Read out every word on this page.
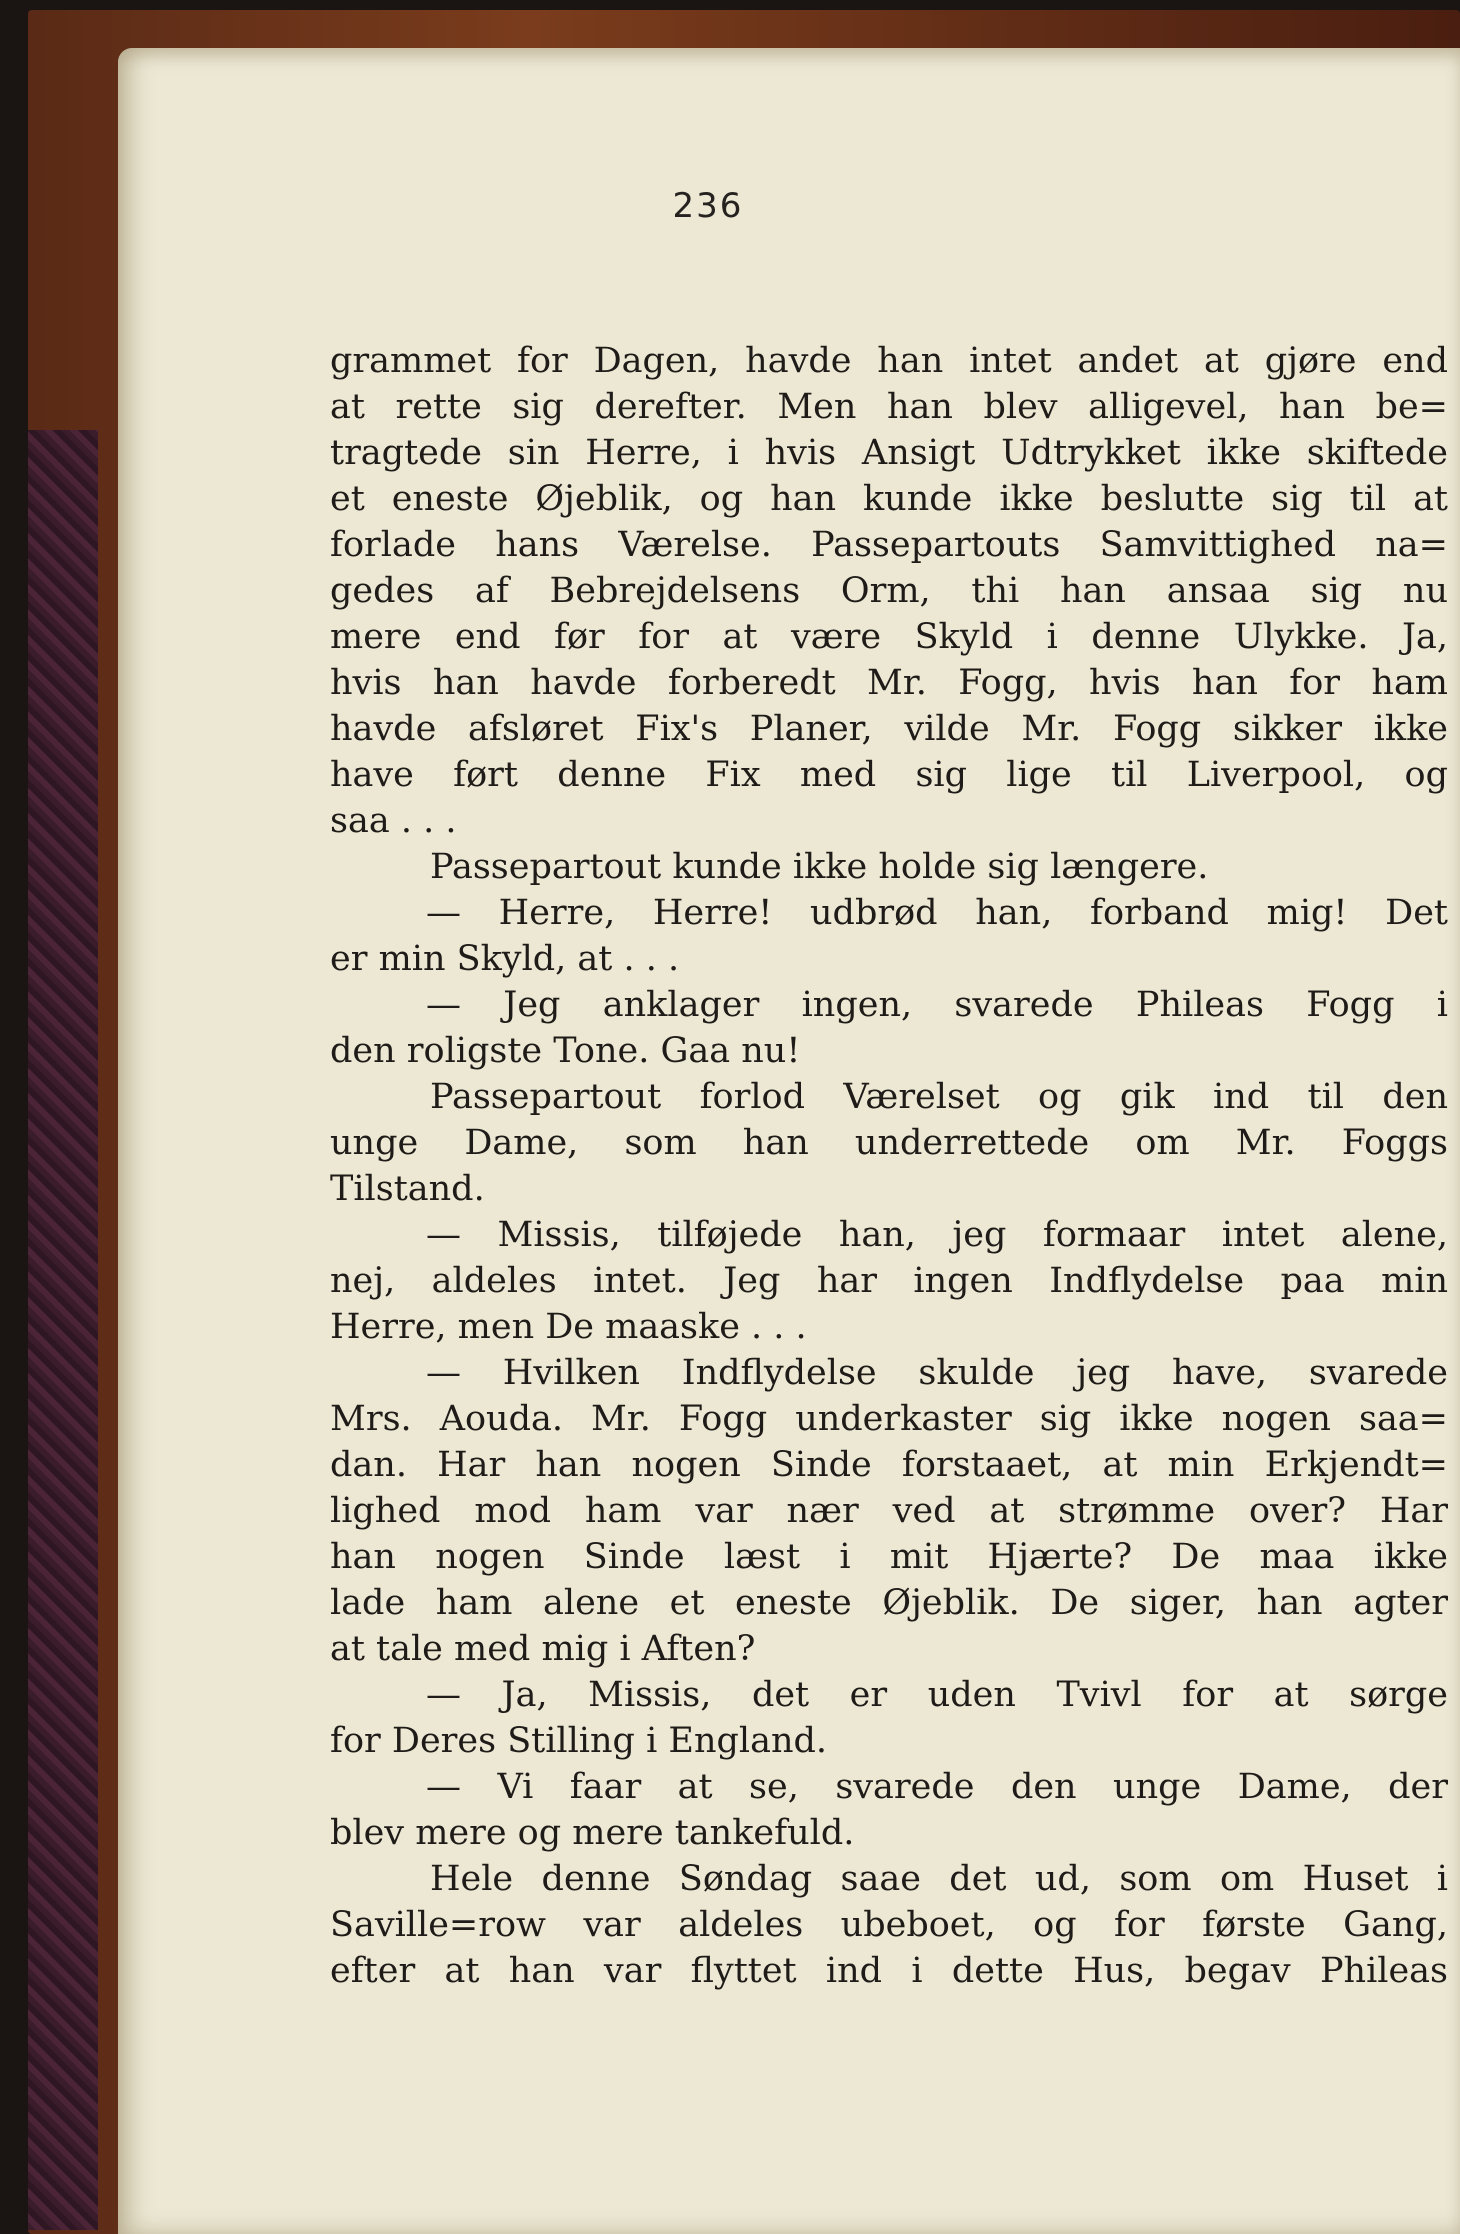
236
grammet for Dagen, havde han intet andet at gjøre end
at rette sig derefter. Men han blev alligevel, han be=
tragtede sin Herre, i hvis Ansigt Udtrykket ikke skiftede
et eneste Øjeblik, og han kunde ikke beslutte sig til at
forlade hans Værelse. Passepartouts Samvittighed na=
gedes af Bebrejdelsens Orm, thi han ansaa sig nu
mere end før for at være Skyld i denne Ulykke. Ja,
hvis han havde forberedt Mr. Fogg, hvis han for ham
havde afsløret Fix's Planer, vilde Mr. Fogg sikker ikke
have ført denne Fix med sig lige til Liverpool, og
saa . . .
Passepartout kunde ikke holde sig længere.
— Herre, Herre! udbrød han, forband mig! Det
er min Skyld, at . . .
— Jeg anklager ingen, svarede Phileas Fogg i
den roligste Tone. Gaa nu!
Passepartout forlod Værelset og gik ind til den
unge Dame, som han underrettede om Mr. Foggs
Tilstand.
— Missis, tilføjede han, jeg formaar intet alene,
nej, aldeles intet. Jeg har ingen Indflydelse paa min
Herre, men De maaske . . .
— Hvilken Indflydelse skulde jeg have, svarede
Mrs. Aouda. Mr. Fogg underkaster sig ikke nogen saa=
dan. Har han nogen Sinde forstaaet, at min Erkjendt=
lighed mod ham var nær ved at strømme over? Har
han nogen Sinde læst i mit Hjærte? De maa ikke
lade ham alene et eneste Øjeblik. De siger, han agter
at tale med mig i Aften?
— Ja, Missis, det er uden Tvivl for at sørge
for Deres Stilling i England.
— Vi faar at se, svarede den unge Dame, der
blev mere og mere tankefuld.
Hele denne Søndag saae det ud, som om Huset i
Saville=row var aldeles ubeboet, og for første Gang,
efter at han var flyttet ind i dette Hus, begav Phileas
